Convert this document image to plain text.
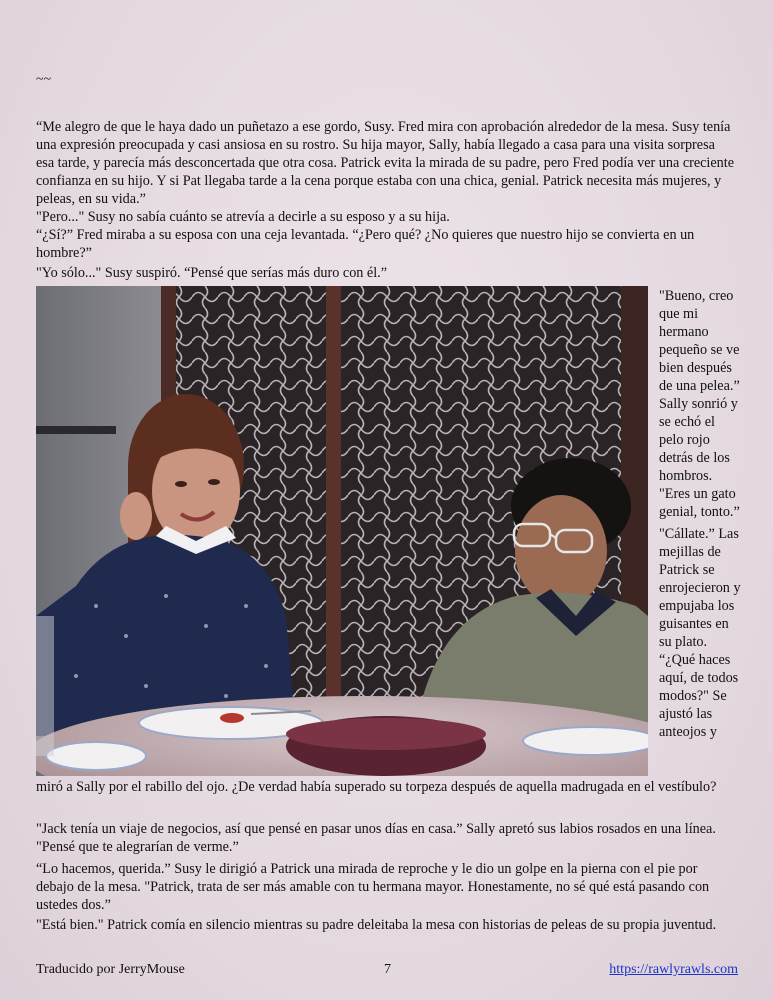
~~

“Me alegro de que le haya dado un puñetazo a ese gordo, Susy. Fred mira con aprobación alrededor de la mesa. Susy tenía una expresión preocupada y casi ansiosa en su rostro. Su hija mayor, Sally, había llegado a casa para una visita sorpresa esa tarde, y parecía más desconcertada que otra cosa. Patrick evita la mirada de su padre, pero Fred podía ver una creciente confianza en su hijo. Y si Pat llegaba tarde a la cena porque estaba con una chica, genial. Patrick necesita más mujeres, y peleas, en su vida.”

"Pero..." Susy no sabía cuánto se atrevía a decirle a su esposo y a su hija.

“¿Sí?” Fred miraba a su esposa con una ceja levantada. “¿Pero qué? ¿No quieres que nuestro hijo se convierta en un hombre?”

"Yo sólo..." Susy suspiró. “Pensé que serías más duro con él.”

"Bueno, creo que mi hermano pequeño se ve bien después de una pelea.” Sally sonrió y se echó el pelo rojo detrás de los hombros. "Eres un gato genial, tonto.”

"Cállate.” Las mejillas de Patrick se enrojecieron y empujaba los guisantes en su plato. “¿Qué haces aquí, de todos modos?" Se ajustó las anteojos y

miró a Sally por el rabillo del ojo. ¿De verdad había superado su torpeza después de aquella madrugada en el vestíbulo?

"Jack tenía un viaje de negocios, así que pensé en pasar unos días en casa.” Sally apretó sus labios rosados en una línea. "Pensé que te alegrarían de verme.”

“Lo hacemos, querida.” Susy le dirigió a Patrick una mirada de reproche y le dio un golpe en la pierna con el pie por debajo de la mesa. "Patrick, trata de ser más amable con tu hermana mayor. Honestamente, no sé qué está pasando con ustedes dos.”

"Está bien." Patrick comía en silencio mientras su padre deleitaba la mesa con historias de peleas de su propia juventud.

Traducido por JerryMouse	7	https://rawlyrawls.com
